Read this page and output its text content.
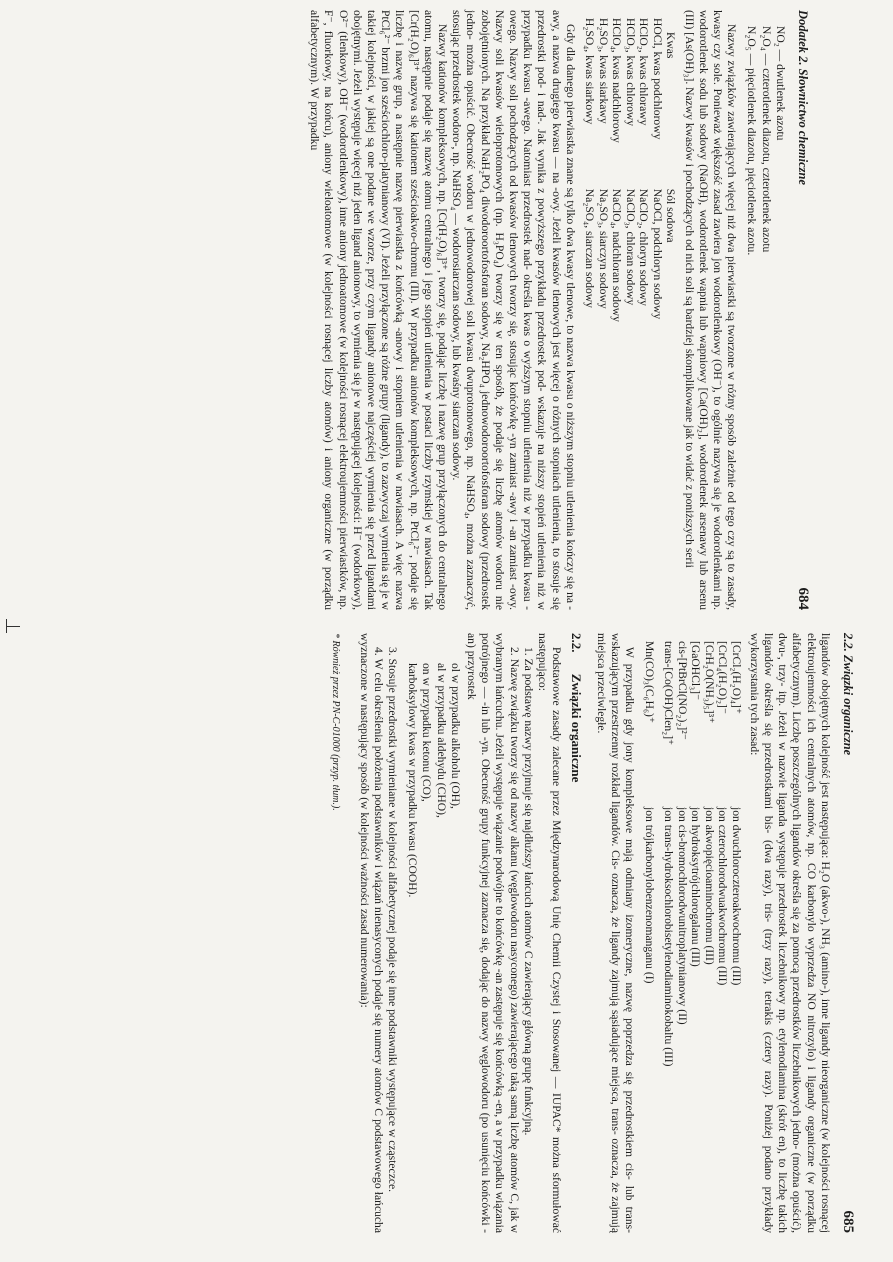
Dodatek 2. Słownictwo chemiczne
684
NO₂ — dwutlenek azotu
N₂O₄ — czterotlenek diazotu, czterotlenek azotu
N₂O₅ — pięciotlenek diazotu, pięciotlenek azotu.

Nazwy związków zawierających więcej niż dwa pierwiastki są tworzone w różny sposób zależnie od tego czy są to zasady, kwasy czy sole. Ponieważ większość zasad zawiera jon wodorotlenkowy (OH⁻), to ogólnie nazywa się je wodorotlenkami np. wodorotlenek sodu lub sodowy (NaOH), wodorotlenek wapnia lub wapniowy [Ca(OH)₂], wodorotlenek arsenawy lub arsenu (III) [As(OH)₃]. Nazwy kwasów i pochodzących od nich soli są bardziej skomplikowane jak to widać z poniższych serii

Kwas	Sól sodowa
HOCl, kwas podchlorowy	NaOCl, podchloryn sodowy
HClO₂, kwas chlorawy	NaClO₂, chloryn sodowy
HClO₃, kwas chlorowy	NaClO₃, chloran sodowy
HClO₄, kwas nadchlorowy	NaClO₄, nadchloran sodowy
H₂SO₃, kwas siarkawy	Na₂SO₃, siarczyn sodowy
H₂SO₄, kwas siarkowy	Na₂SO₄, siarczan sodowy

Gdy dla danego pierwiastka znane są tylko dwa kwasy tlenowe, to nazwa kwasu o niższym stopniu utlenienia kończy się na -awy, a nazwa drugiego kwasu — na -owy. Jeżeli kwasów tlenowych jest więcej o różnych stopniach utlenienia, to stosuje się przedrostki pod- i nad-. Jak wynika z powyższego przykładu przedrostek pod- wskazuje na niższy stopień utlenienia niż w przypadku kwasu -awego. Natomiast przedrostek nad- określa kwas o wyższym stopniu utlenienia niż w przypadku kwasu -owego. Nazwy soli pochodzących od kwasów tlenowych tworzy się, stosując końcówkę -yn zamiast -awy i -an zamiast -owy. Nazwy soli kwasów wieloprotonowych (np. H₃PO₄) tworzy się w ten sposób, że podaje się liczbę atomów wodoru nie zobojętnionych. Na przykład NaH₂PO₄ diwodoroortofosforan sodowy, Na₂HPO₄ jednowodoroortofosforan sodowy (przedrostek jedno- można opuścić. Obecność wodoru w jednowodorowej soli kwasu dwuprotonowego, np. NaHSO₄, można zaznaczyć, stosując przedrostek wodoro-, np. NaHSO₄ — wodorosiarczan sodowy, lub kwaśny siarczan sodowy.

Nazwy kationów kompleksowych, np. [Cr(H₂O)₆]³⁺, tworzy się, podając liczbę i nazwę grup przyłączonych do centralnego atomu, następnie podaje się nazwę atomu centralnego i jego stopień utlenienia w postaci liczby rzymskiej w nawiasach. Tak [Cr(H₂O)₆]³⁺ nazywa się kationem sześcioakwo-chromu (III). W przypadku anionów kompleksowych, np. PtCl₆²⁻, podaje się liczbę i nazwę grup, a następnie nazwę pierwiastka z końcówką -anowy i stopniem utlenienia w nawiasach. A więc nazwa PtCl₆²⁻ brzmi jon sześciochloro-platynianowy (VI). Jeżeli przyłączone są różne grupy (ligandy), to zazwyczaj wymienia się je w takiej kolejności, w jakiej są one podane we wzorze, przy czym ligandy anionowe najczęściej wymienia się przed ligandami obojętnymi. Jeżeli występuje więcej niż jeden ligand anionowy, to wymienia się je w następującej kolejności: H⁻ (wodorkowy), O²⁻ (tlenkowy), OH⁻ (wodorotlenkowy), inne aniony jednoatomowe (w kolejności rosnącej elektroujemności pierwiastków, np. F⁻, fluorkowy, na końcu), aniony wieloatomowe (w kolejności rosnącej liczby atomów) i aniony organiczne (w porządku alfabetycznym). W przypadku

2.2. Związki organiczne
685

ligandów obojętnych kolejność jest następująca: H₂O (akwo-), NH₃ (amino-), inne ligandy nieorganiczne (w kolejności rosnącej elektroujemności ich centralnych atomów, np. CO karbonylo wyprzedza NO nitrozylo) i ligandy organiczne (w porządku alfabetycznym). Liczbę poszczególnych ligandów określa się za pomocą przedrostków liczebnikowych jedno- (można opuścić), dwu-, trzy- itp. Jeżeli w nazwie liganda występuje przedrostek liczebnikowy np. etylenodiamina (skrót en), to liczbę takich ligandów określa się przedrostkami bis- (dwa razy), tris- (trzy razy), tetrakis (cztery razy). Poniżej podano przykłady wykorzystania tych zasad:

[CrCl₂(H₂O)₄]⁺	jon dwuchloroczteroakwochromu (III)
[CrCl₄(H₂O)₂]⁻	jon czterochlorodwuakwochromu (III)
[CrH₂O(NH₃)₅]³⁺	jon akwopięcioaminochromu (III)
[GaOHCl₃]⁻	jon hydroksytrójchlorogalanu (III)
cis-[PtBrCl(NO₂)₂]²⁻	jon cis-bromochlorodwunitroplatynianowy (II)
trans-[Co(OH)Clen₂]⁺	jon trans-hydroksochlorobisetylenodiaminokobaltu (III)
Mn(CO)₃(C₆H₆)⁺	jon trójkarbonylobenzenomanganu (I)

W przypadku gdy jony kompleksowe mają odmiany izomeryczne, nazwę poprzedza się przedrostkiem cis- lub trans- wskazującym przestrzenny rozkład ligandów. Cis- oznacza, że ligandy zajmują sąsiadujące miejsca, trans- oznacza, że zajmują miejsca przeciwległe.

2.2. Związki organiczne

Podstawowe zasady zalecane przez Międzynarodową Unię Chemii Czystej i Stosowanej — IUPAC* można sformułować następująco:

1. Za podstawę nazwy przyjmuje się najdłuższy łańcuch atomów C zawierający główną grupę funkcyjną.

2. Nazwę związku tworzy się od nazwy alkanu (węglowodoru nasyconego) zawierającego taką samą liczbę atomów C, jak w wybranym łańcuchu. Jeżeli występuje wiązanie podwójne to końcówkę -an zastępuje się końcówką -en, a w przypadku wiązania potrójnego — -in lub -yn. Obecność grupy funkcyjnej zaznacza się, dodając do nazwy węglowodoru (po usunięciu końcówki -an) przyrostek

ol w przypadku alkoholu (OH),
al w przypadku aldehydu (CHO),
on w przypadku ketonu (CO),
karboksylowy kwas w przypadku kwasu (COOH).

3. Stosuje przedrostki wymieniane w kolejności alfabetycznej podaje się inne podstawniki występujące w cząsteczce.

4. W celu określenia położenia podstawników i wiązań nienasyconych podaje się numery atomów C podstawowego łańcucha wyznaczone w następujący sposób (w kolejności ważności zasad numerowania):

* Również przez PN-C-01000 (przyp. tłum.).
